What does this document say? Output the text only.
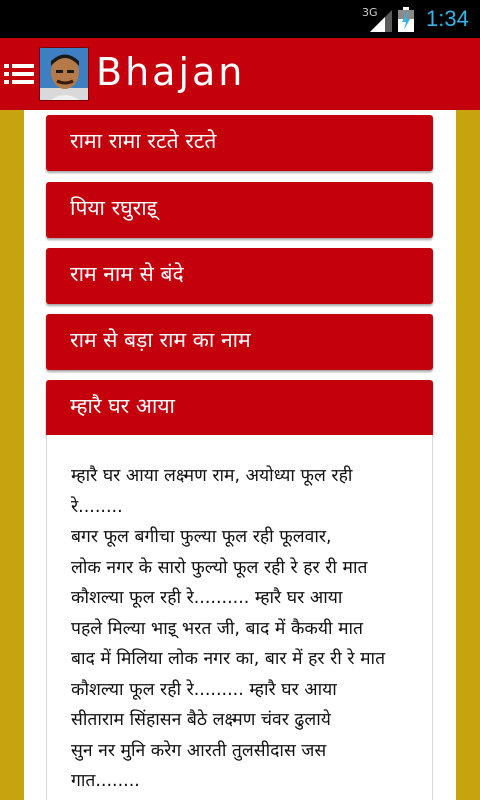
3G 1:34
Bhajan
रामा रामा रटते रटते
पिया रघुराइ्
राम नाम से बंदे
राम से बड़ा राम का नाम
म्हारै घर आया
म्हारै घर आया लक्ष्मण राम, अयोध्या फूल रही
रे........
बगर फूल बगीचा फुल्या फूल रही फूलवार,
लोक नगर के सारो फुल्यो फूल रही रे हर री मात
कौशल्या फूल रही रे.......... म्हारै घर आया
पहले मिल्या भाइ् भरत जी, बाद में कैकयी मात
बाद में मिलिया लोक नगर का, बार में हर री रे मात
कौशल्या फूल रही रे......... म्हारै घर आया
सीताराम सिंहासन बैठे लक्ष्मण चंवर ढुलाये
सुन नर मुनि करेग आरती तुलसीदास जस
गात........
